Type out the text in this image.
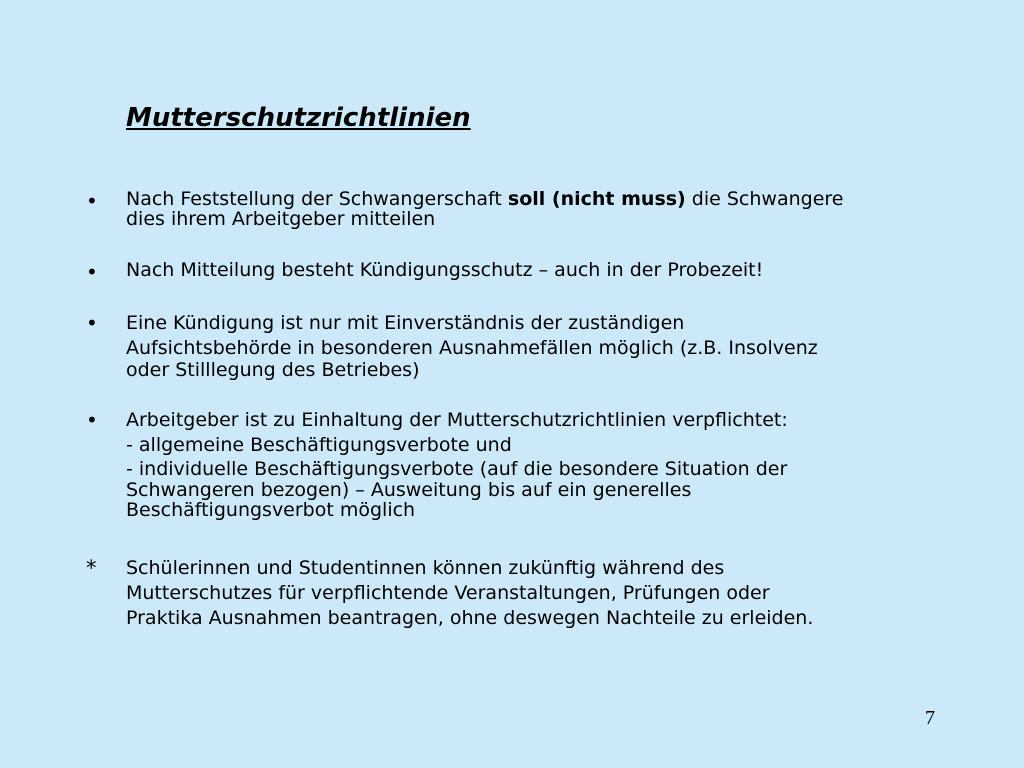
Mutterschutzrichtlinien
• Nach Feststellung der Schwangerschaft soll (nicht muss) die Schwangere
dies ihrem Arbeitgeber mitteilen
• Nach Mitteilung besteht Kündigungsschutz – auch in der Probezeit!
• Eine Kündigung ist nur mit Einverständnis der zuständigen
Aufsichtsbehörde in besonderen Ausnahmefällen möglich (z.B. Insolvenz
oder Stilllegung des Betriebes)
• Arbeitgeber ist zu Einhaltung der Mutterschutzrichtlinien verpflichtet:
- allgemeine Beschäftigungsverbote und
- individuelle Beschäftigungsverbote (auf die besondere Situation der
Schwangeren bezogen) – Ausweitung bis auf ein generelles
Beschäftigungsverbot möglich
* Schülerinnen und Studentinnen können zukünftig während des
Mutterschutzes für verpflichtende Veranstaltungen, Prüfungen oder
Praktika Ausnahmen beantragen, ohne deswegen Nachteile zu erleiden.
7
